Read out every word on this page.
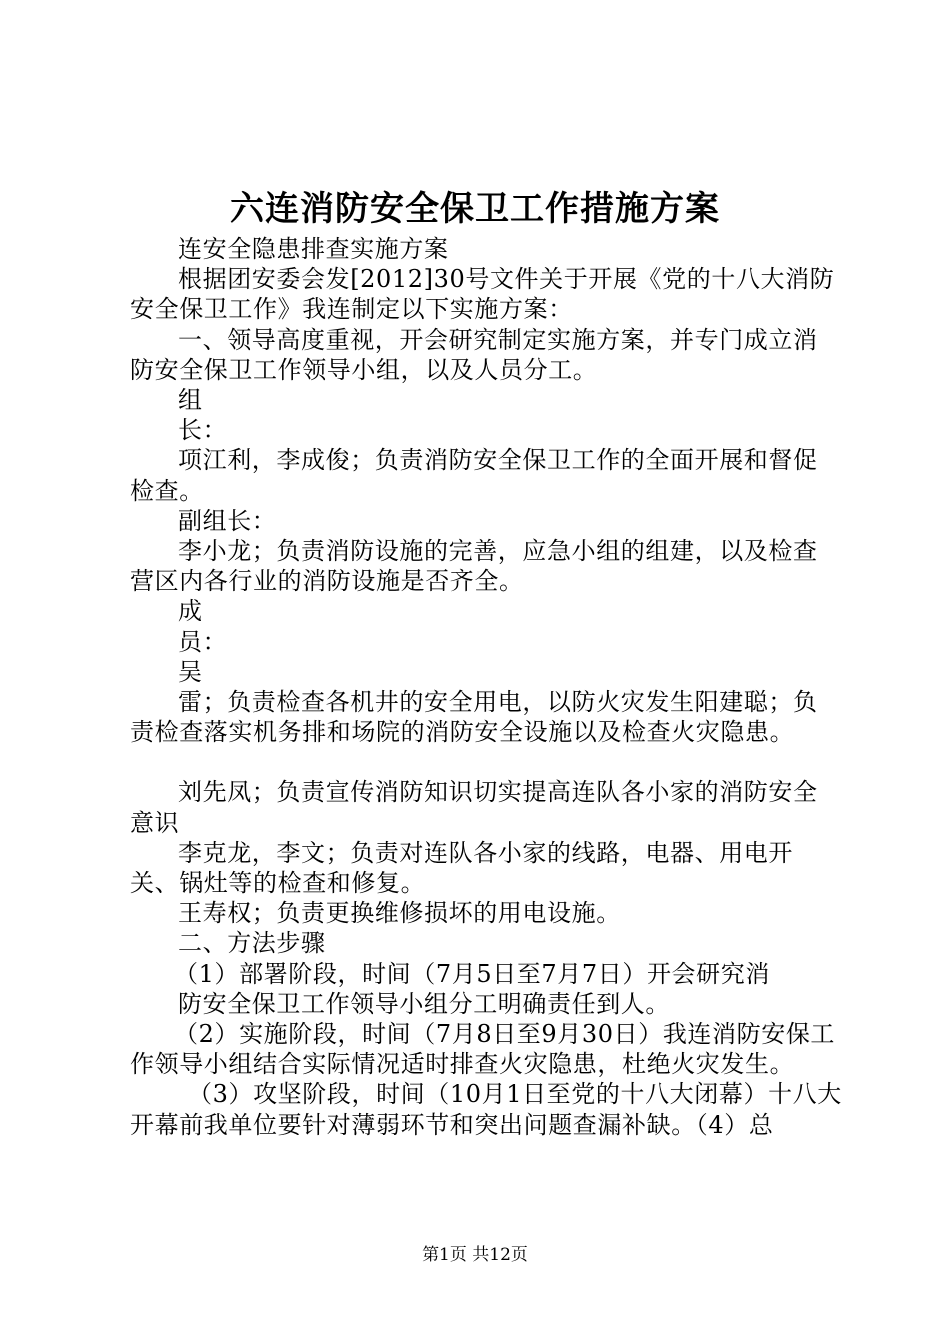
六连消防安全保卫工作措施方案

连安全隐患排查实施方案

根据团安委会发[2012]30号文件关于开展《党的十八大消防安全保卫工作》我连制定以下实施方案：

一、领导高度重视，开会研究制定实施方案，并专门成立消防安全保卫工作领导小组，以及人员分工。

组

长：

项江利，李成俊；负责消防安全保卫工作的全面开展和督促检查。

副组长：

李小龙；负责消防设施的完善，应急小组的组建，以及检查营区内各行业的消防设施是否齐全。

成

员：

吴

雷；负责检查各机井的安全用电，以防火灾发生阳建聪；负责检查落实机务排和场院的消防安全设施以及检查火灾隐患。

刘先凤；负责宣传消防知识切实提高连队各小家的消防安全意识

李克龙，李文；负责对连队各小家的线路，电器、用电开关、锅灶等的检查和修复。

王寿权；负责更换维修损坏的用电设施。

二、方法步骤

（1）部署阶段，时间（7月5日至7月7日）开会研究消

防安全保卫工作领导小组分工明确责任到人。

（2）实施阶段，时间（7月8日至9月30日）我连消防安保工作领导小组结合实际情况适时排查火灾隐患，杜绝火灾发生。

（3）攻坚阶段，时间（10月1日至党的十八大闭幕）十八大开幕前我单位要针对薄弱环节和突出问题查漏补缺。（4）总

第1页 共12页
